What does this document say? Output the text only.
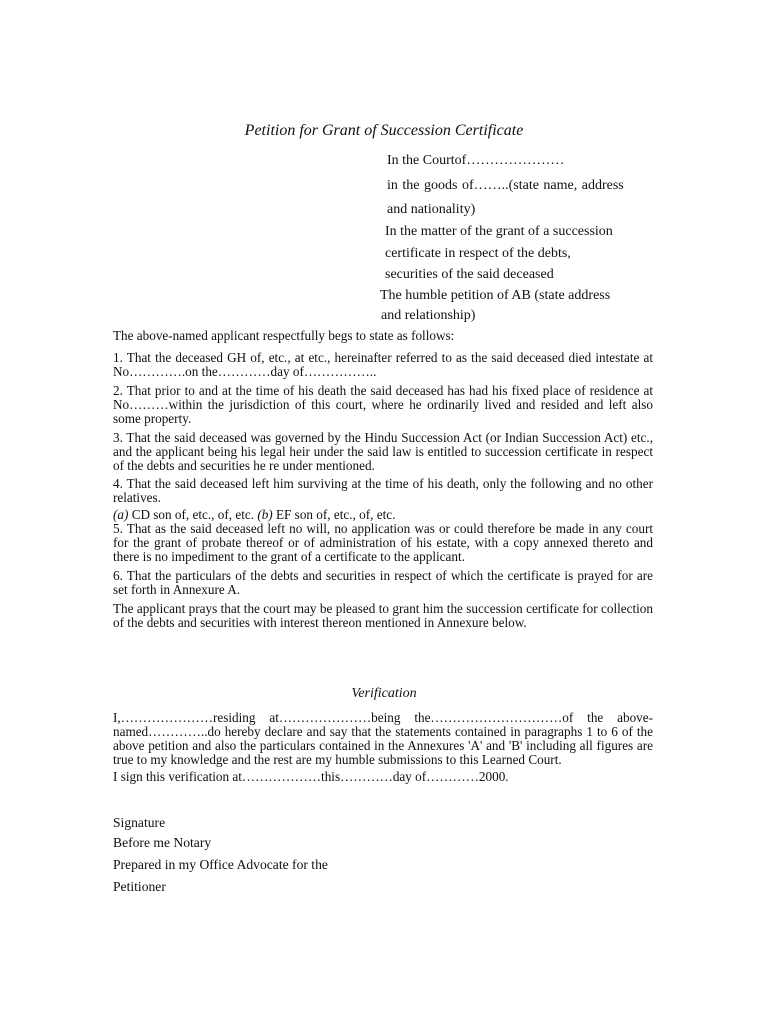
Petition for Grant of Succession Certificate
In the Courtof…………………
in the goods of……..(state name, address
and nationality)
In the matter of the grant of a succession
certificate in respect of the debts,
securities of the said deceased
The humble petition of AB (state address
and relationship)

The above-named applicant respectfully begs to state as follows:

1. That the deceased GH of, etc., at etc., hereinafter referred to as the said deceased died intestate at No………….on the…………day of……………..

2. That prior to and at the time of his death the said deceased has had his fixed place of residence at No………within the jurisdiction of this court, where he ordinarily lived and resided and left also some property.

3. That the said deceased was governed by the Hindu Succession Act (or Indian Succession Act) etc., and the applicant being his legal heir under the said law is entitled to succession certificate in respect of the debts and securities he re under mentioned.

4. That the said deceased left him surviving at the time of his death, only the following and no other relatives.

(a) CD son of, etc., of, etc. (b) EF son of, etc., of, etc.

5. That as the said deceased left no will, no application was or could therefore be made in any court for the grant of probate thereof or of administration of his estate, with a copy annexed thereto and there is no impediment to the grant of a certificate to the applicant.

6. That the particulars of the debts and securities in respect of which the certificate is prayed for are set forth in Annexure A.

The applicant prays that the court may be pleased to grant him the succession certificate for collection of the debts and securities with interest thereon mentioned in Annexure below.

Verification

I,…………………residing at…………………being the…………………………of the above-named…………..do hereby declare and say that the statements contained in paragraphs 1 to 6 of the above petition and also the particulars contained in the Annexures 'A' and 'B' including all figures are true to my knowledge and the rest are my humble submissions to this Learned Court.

I sign this verification at………………this…………day of…………2000.

Signature
Before me Notary
Prepared in my Office Advocate for the
Petitioner
